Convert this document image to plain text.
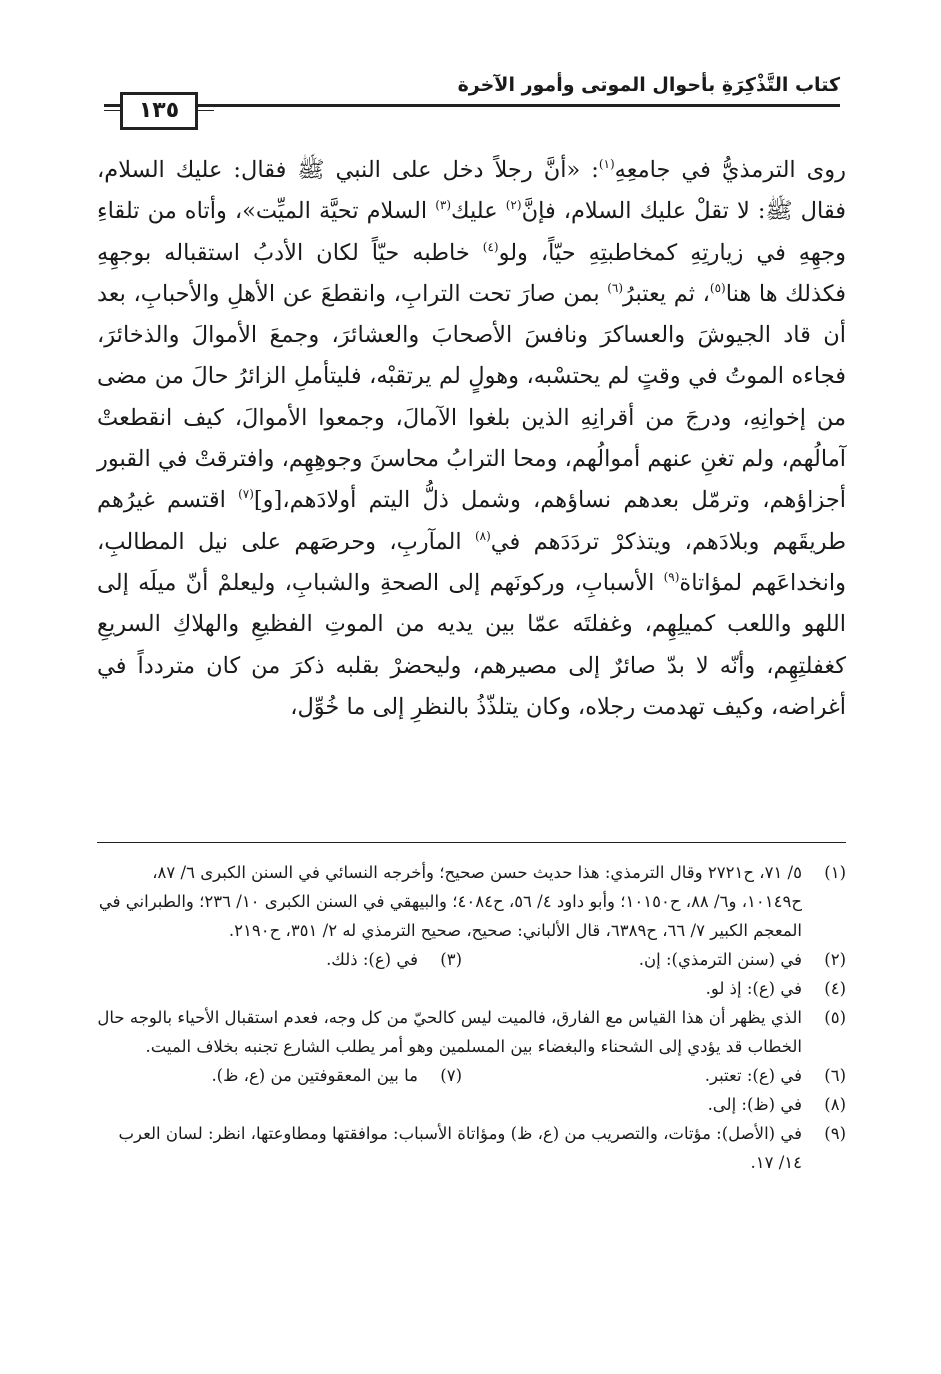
كتاب التَّذْكِرَةِ بأحوال الموتى وأمور الآخرة
١٣٥

روى الترمذيُّ في جامعِهِ$^{(١)}$: «أنَّ رجلاً دخل على النبي ﷺ فقال: عليك السلام، فقال ﷺ: لا تقلْ عليك السلام، فإنَّ$^{(٢)}$ عليك$^{(٣)}$ السلام تحيَّة الميِّت»، وأتاه من تلقاءِ وجهِهِ في زيارتِهِ كمخاطبتِهِ حيّاً، ولو$^{(٤)}$ خاطبه حيّاً لكان الأدبُ استقباله بوجهِهِ فكذلك ها هنا$^{(٥)}$، ثم يعتبرُ$^{(٦)}$ بمن صارَ تحت الترابِ، وانقطعَ عن الأهلِ والأحبابِ، بعد أن قاد الجيوشَ والعساكرَ ونافسَ الأصحابَ والعشائرَ، وجمعَ الأموالَ والذخائرَ، فجاءه الموتُ في وقتٍ لم يحتسْبه، وهولٍ لم يرتقبْه، فليتأملِ الزائرُ حالَ من مضى من إخوانِهِ، ودرجَ من أقرانِهِ الذين بلغوا الآمالَ، وجمعوا الأموالَ، كيف انقطعتْ آمالُهم، ولم تغنِ عنهم أموالُهم، ومحا الترابُ محاسنَ وجوهِهِم، وافترقتْ في القبور أجزاؤهم، وترمّل بعدهم نساؤهم، وشمل ذلُّ اليتم أولادَهم،[و]$^{(٧)}$ اقتسم غيرُهم طريقَهم وبلادَهم، ويتذكرْ تردَدَهم في$^{(٨)}$ المآربِ، وحرصَهم على نيل المطالبِ، وانخداعَهم لمؤاتاة$^{(٩)}$ الأسبابِ، وركونَهم إلى الصحةِ والشبابِ، وليعلمْ أنّ ميلَه إلى اللهو واللعب كميلِهِم، وغفلتَه عمّا بين يديه من الموتِ الفظيعِ والهلاكِ السريعِ كغفلتِهِم، وأنّه لا بدّ صائرٌ إلى مصيرهم، وليحضرْ بقلبه ذكرَ من كان متردداً في أغراضه، وكيف تهدمت رجلاه، وكان يتلذّذُ بالنظرِ إلى ما خُوِّل،

(١)
٥/ ٧١، ح٢٧٢١ وقال الترمذي: هذا حديث حسن صحيح؛ وأخرجه النسائي في السنن الكبرى ٦/ ٨٧، ح١٠١٤٩، و٦/ ٨٨، ح١٠١٥٠؛ وأبو داود ٤/ ٥٦، ح٤٠٨٤؛ والبيهقي في السنن الكبرى ١٠/ ٢٣٦؛ والطبراني في المعجم الكبير ٧/ ٦٦، ح٦٣٨٩، قال الألباني: صحيح، صحيح الترمذي له ٢/ ٣٥١، ح٢١٩٠.
(٢)
في (سنن الترمذي): إن.
(٣)
في (ع): ذلك.
(٤)
في (ع): إذ لو.
(٥)
الذي يظهر أن هذا القياس مع الفارق، فالميت ليس كالحيّ من كل وجه، فعدم استقبال الأحياء بالوجه حال الخطاب قد يؤدي إلى الشحناء والبغضاء بين المسلمين وهو أمر يطلب الشارع تجنبه بخلاف الميت.
(٦)
في (ع): تعتبر.
(٧)
ما بين المعقوفتين من (ع، ظ).
(٨)
في (ظ): إلى.
(٩)
في (الأصل): مؤتات، والتصريب من (ع، ظ) ومؤاتاة الأسباب: موافقتها ومطاوعتها، انظر: لسان العرب ١٤/ ١٧.
